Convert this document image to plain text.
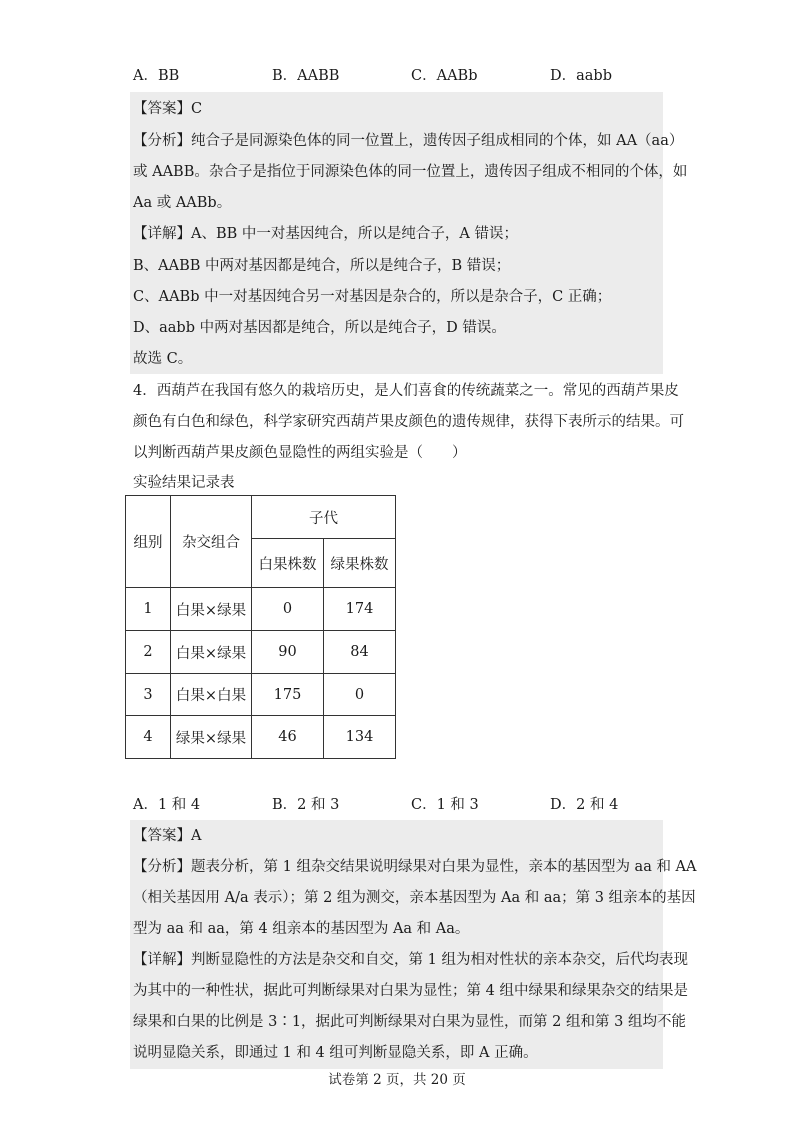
A．BB	B．AABB	C．AABb	D．aabb
【答案】C
【分析】纯合子是同源染色体的同一位置上，遗传因子组成相同的个体，如 AA（aa）
或 AABB。杂合子是指位于同源染色体的同一位置上，遗传因子组成不相同的个体，如
Aa 或 AABb。
【详解】A、BB 中一对基因纯合，所以是纯合子，A 错误；
B、AABB 中两对基因都是纯合，所以是纯合子，B 错误；
C、AABb 中一对基因纯合另一对基因是杂合的，所以是杂合子，C 正确；
D、aabb 中两对基因都是纯合，所以是纯合子，D 错误。
故选 C。
4．西葫芦在我国有悠久的栽培历史，是人们喜食的传统蔬菜之一。常见的西葫芦果皮
颜色有白色和绿色，科学家研究西葫芦果皮颜色的遗传规律，获得下表所示的结果。可
以判断西葫芦果皮颜色显隐性的两组实验是（　　）
实验结果记录表
组别	杂交组合	子代	
		白果株数	绿果株数
1	白果×绿果	0	174
2	白果×绿果	90	84
3	白果×白果	175	0
4	绿果×绿果	46	134
A．1 和 4	B．2 和 3	C．1 和 3	D．2 和 4
【答案】A
【分析】题表分析，第 1 组杂交结果说明绿果对白果为显性，亲本的基因型为 aa 和 AA
（相关基因用 A/a 表示）；第 2 组为测交，亲本基因型为 Aa 和 aa；第 3 组亲本的基因
型为 aa 和 aa，第 4 组亲本的基因型为 Aa 和 Aa。
【详解】判断显隐性的方法是杂交和自交，第 1 组为相对性状的亲本杂交，后代均表现
为其中的一种性状，据此可判断绿果对白果为显性；第 4 组中绿果和绿果杂交的结果是
绿果和白果的比例是 3∶1，据此可判断绿果对白果为显性，而第 2 组和第 3 组均不能
说明显隐关系，即通过 1 和 4 组可判断显隐关系，即 A 正确。
试卷第 2 页，共 20 页
